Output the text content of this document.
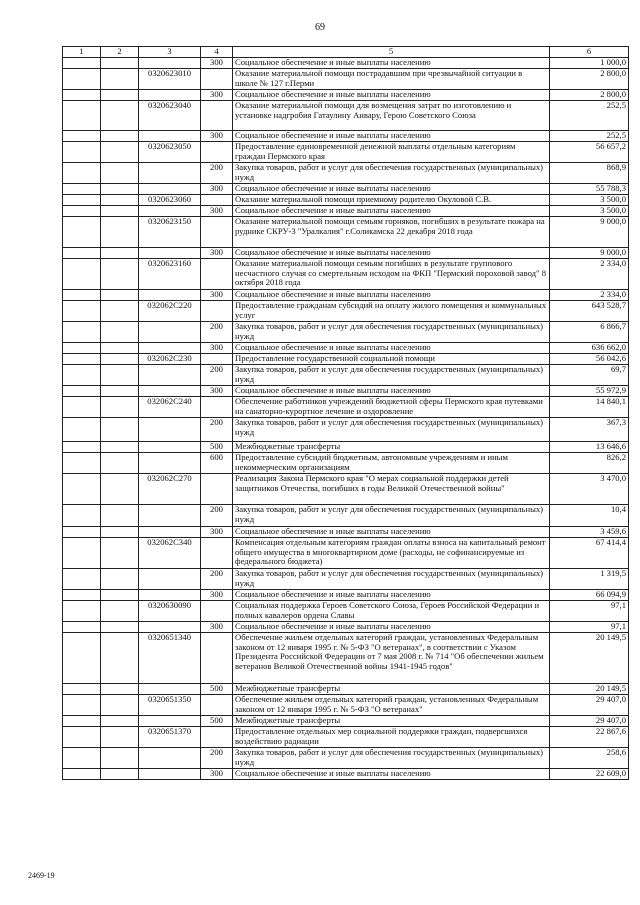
69
1	2	3	4	5	6
			300	Социальное обеспечение и иные выплаты населению	1 000,0
		0320623010		Оказание материальной помощи пострадавшим при чрезвычайной ситуации в школе № 127 г.Перми	2 800,0
			300	Социальное обеспечение и иные выплаты населению	2 800,0
		0320623040		Оказание материальной помощи для возмещения затрат по изготовлению и установке надгробия Гатаулину Анвару, Герою Советского Союза	252,5
			300	Социальное обеспечение и иные выплаты населению	252,5
		0320623050		Предоставление единовременной денежной выплаты отдельным категориям граждан Пермского края	56 657,2
			200	Закупка товаров, работ и услуг для обеспечения государственных (муниципальных) нужд	868,9
			300	Социальное обеспечение и иные выплаты населению	55 788,3
		0320623060		Оказание материальной помощи приемному родителю Окуловой С.В.	3 500,0
			300	Социальное обеспечение и иные выплаты населению	3 500,0
		0320623150		Оказание материальной помощи семьям горняков, погибших в результате пожара на руднике СКРУ-3 "Уралкалия" г.Соликамска 22 декабря 2018 года	9 000,0
			300	Социальное обеспечение и иные выплаты населению	9 000,0
		0320623160		Оказание материальной помощи семьям погибших в результате группового несчастного случая со смертельным исходом на ФКП "Пермский пороховой завод" 8 октября 2018 года	2 334,0
			300	Социальное обеспечение и иные выплаты населению	2 334,0
		032062С220		Предоставление гражданам субсидий на оплату жилого помещения и коммунальных услуг	643 528,7
			200	Закупка товаров, работ и услуг для обеспечения государственных (муниципальных) нужд	6 866,7
			300	Социальное обеспечение и иные выплаты населению	636 662,0
		032062С230		Предоставление государственной социальной помощи	56 042,6
			200	Закупка товаров, работ и услуг для обеспечения государственных (муниципальных) нужд	69,7
			300	Социальное обеспечение и иные выплаты населению	55 972,9
		032062С240		Обеспечение работников учреждений бюджетной сферы Пермского края путевками на санаторно-курортное лечение и оздоровление	14 840,1
			200	Закупка товаров, работ и услуг для обеспечения государственных (муниципальных) нужд	367,3
			500	Межбюджетные трансферты	13 646,6
			600	Предоставление субсидий бюджетным, автономным учреждениям и иным некоммерческим организациям	826,2
		032062С270		Реализация Закона Пермского края "О мерах социальной поддержки детей защитников Отечества, погибших в годы Великой Отечественной войны"	3 470,0
			200	Закупка товаров, работ и услуг для обеспечения государственных (муниципальных) нужд	10,4
			300	Социальное обеспечение и иные выплаты населению	3 459,6
		032062С340		Компенсация отдельным категориям граждан оплаты взноса на капитальный ремонт общего имущества в многоквартирном доме (расходы, не софинансируемые из федерального бюджета)	67 414,4
			200	Закупка товаров, работ и услуг для обеспечения государственных (муниципальных) нужд	1 319,5
			300	Социальное обеспечение и иные выплаты населению	66 094,9
		0320630090		Социальная поддержка Героев Советского Союза, Героев Российской Федерации и полных кавалеров ордена Славы	97,1
			300	Социальное обеспечение и иные выплаты населению	97,1
		0320651340		Обеспечение жильем отдельных категорий граждан, установленных Федеральным законом от 12 января 1995 г. № 5-ФЗ "О ветеранах", в соответствии с Указом Президента Российской Федерации от 7 мая 2008 г. № 714 "Об обеспечении жильем ветеранов Великой Отечественной войны 1941-1945 годов"	20 149,5
			500	Межбюджетные трансферты	20 149,5
		0320651350		Обеспечение жильем отдельных категорий граждан, установленных Федеральным законом от 12 января 1995 г. № 5-ФЗ "О ветеранах"	29 407,0
			500	Межбюджетные трансферты	29 407,0
		0320651370		Предоставление отдельных мер социальной поддержки граждан, подвергшихся воздействию радиации	22 867,6
			200	Закупка товаров, работ и услуг для обеспечения государственных (муниципальных) нужд	258,6
			300	Социальное обеспечение и иные выплаты населению	22 609,0
2469-19
